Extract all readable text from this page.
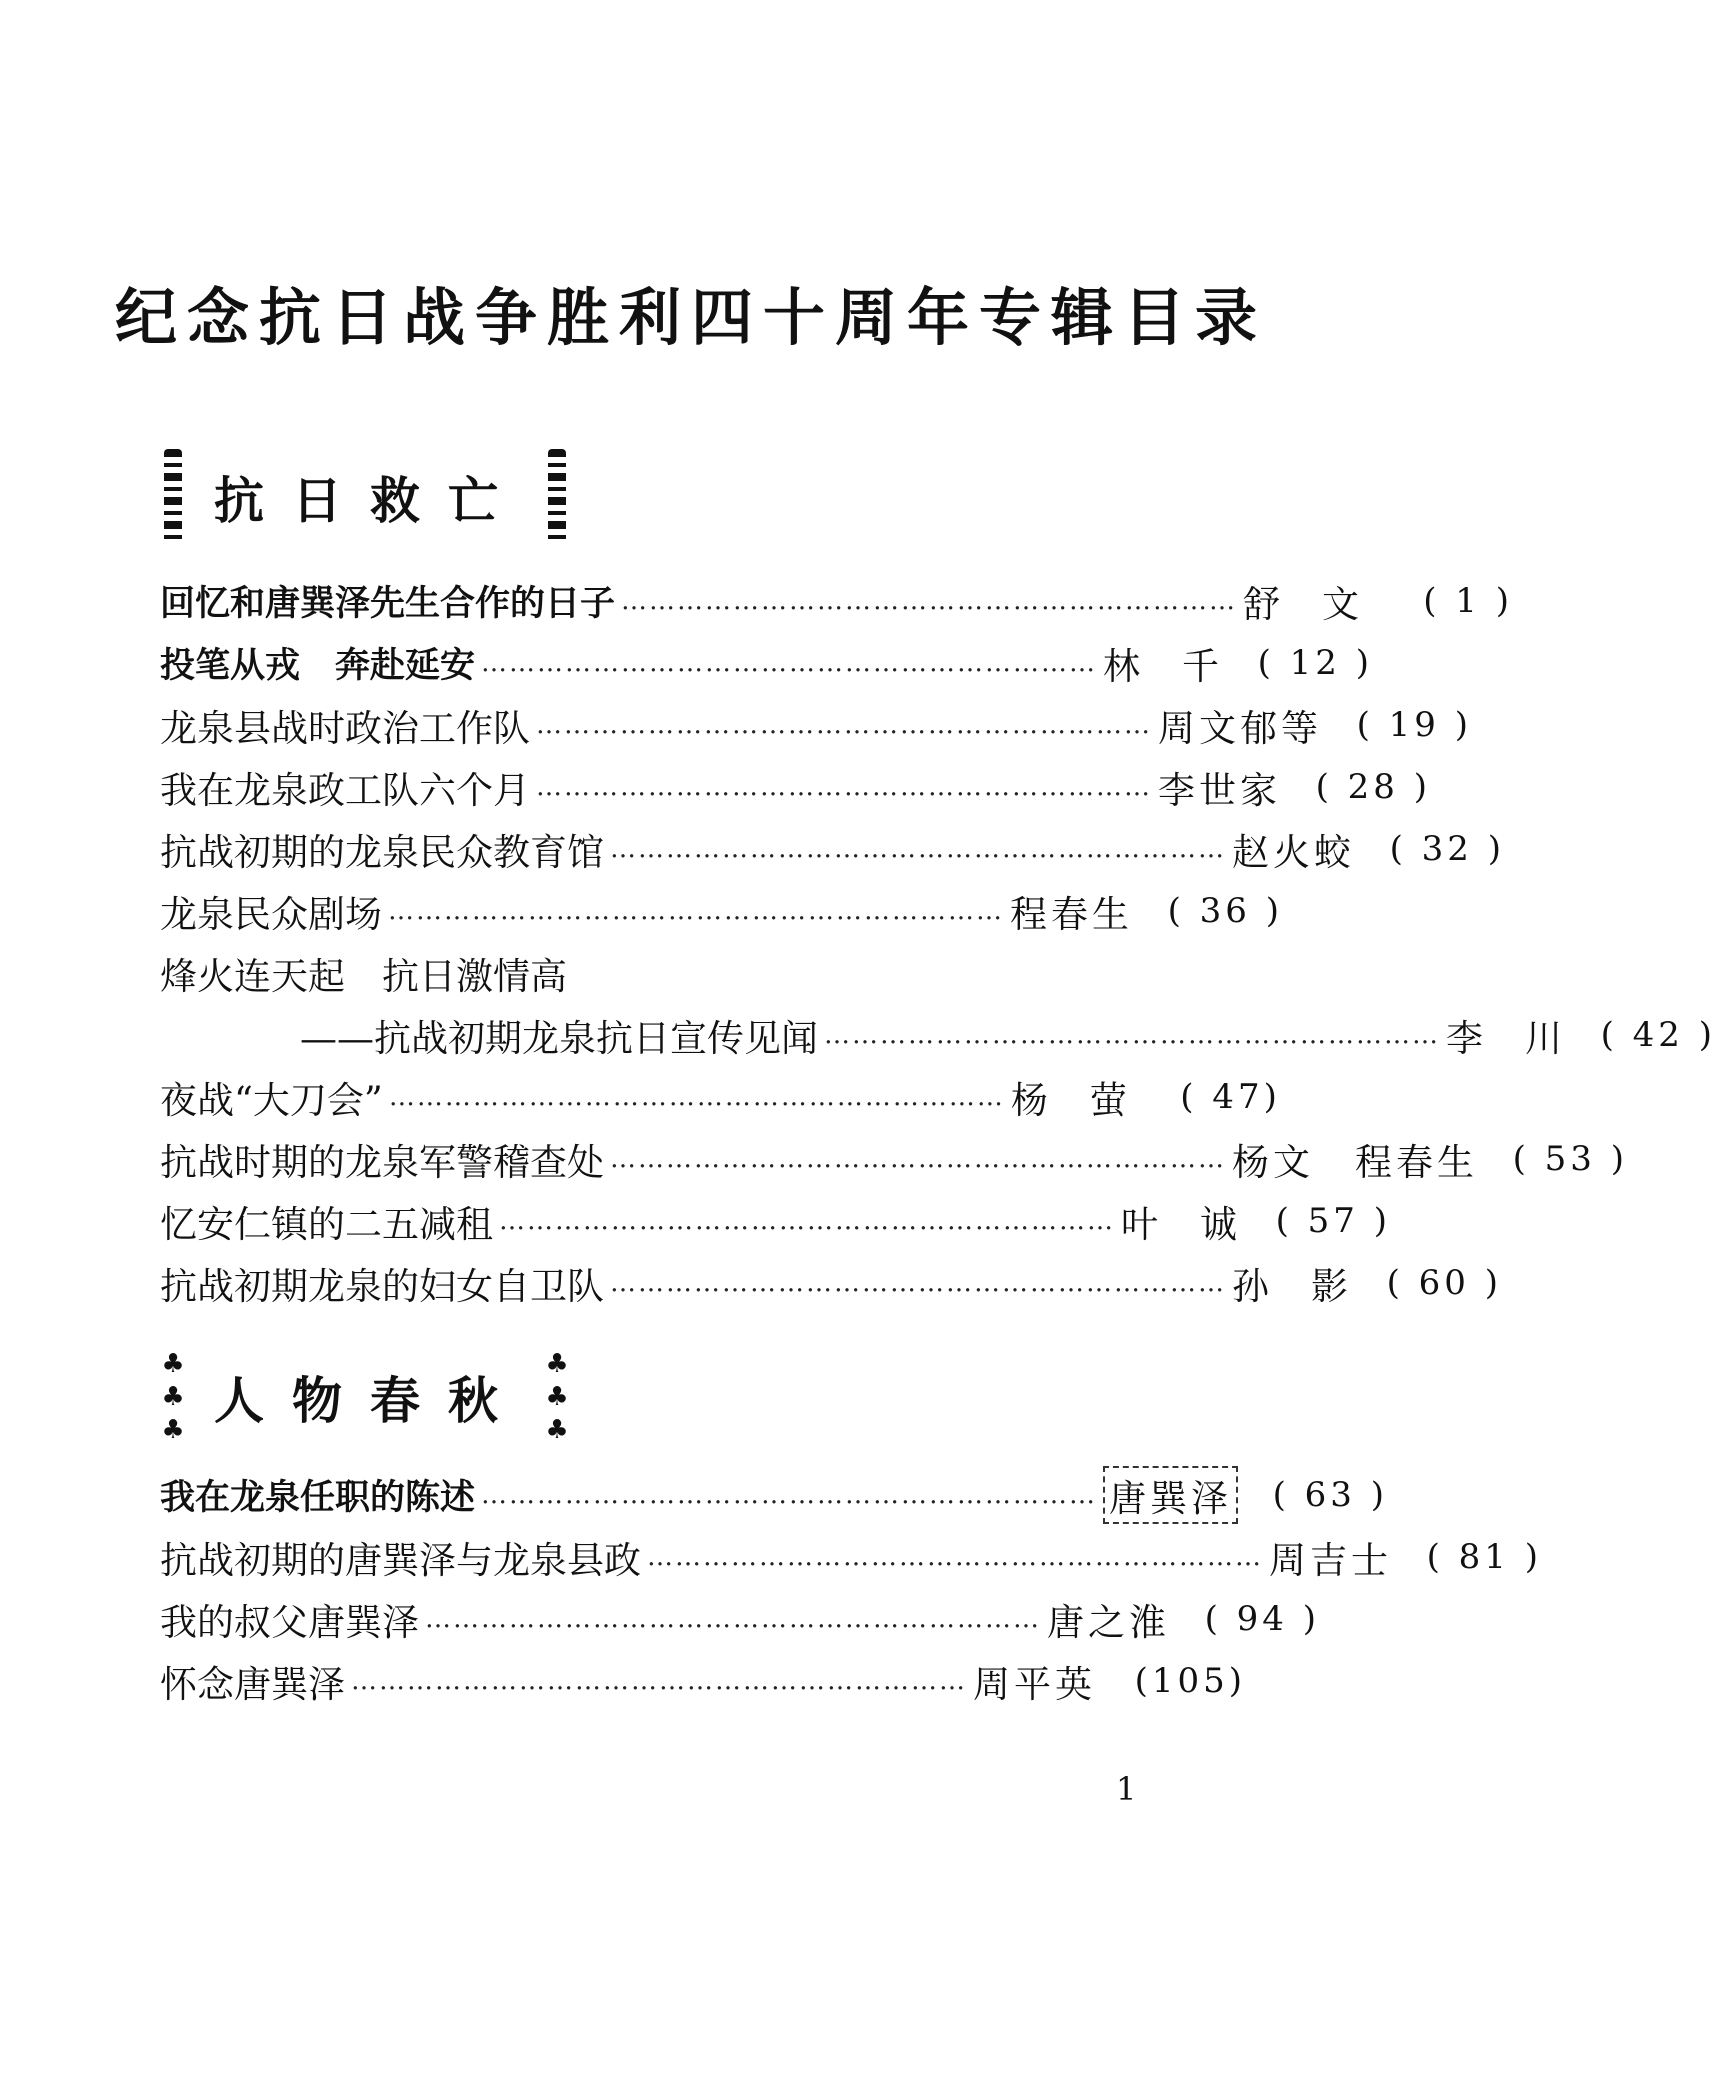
纪念抗日战争胜利四十周年专辑目录
抗日救亡
回忆和唐巽泽先生合作的日子 ………………………………………………………… 舒 文	( 1 )
投笔从戎　奔赴延安 ………………………………………………………… 林 千	( 12 )
龙泉县战时政治工作队 ………………………………………………………… 周文郁等	( 19 )
我在龙泉政工队六个月 ………………………………………………………… 李世家	( 28 )
抗战初期的龙泉民众教育馆 ………………………………………………………… 赵火蛟	( 32 )
龙泉民众剧场 ………………………………………………………… 程春生	( 36 )
烽火连天起　抗日激情高
——抗战初期龙泉抗日宣传见闻 ………………………………………………………… 李 川	( 42 )
夜战“大刀会” ………………………………………………………… 杨 萤	( 47)
抗战时期的龙泉军警稽查处 ………………………………………………………… 杨文　程春生	( 53 )
忆安仁镇的二五减租 ………………………………………………………… 叶 诚	( 57 )
抗战初期龙泉的妇女自卫队 ………………………………………………………… 孙 影	( 60 )
♣
♣
♣ 人物春秋
♣
♣
♣
我在龙泉任职的陈述 ………………………………………………………… 唐巽泽	( 63 )
抗战初期的唐巽泽与龙泉县政 ………………………………………………………… 周吉士	( 81 )
我的叔父唐巽泽 ………………………………………………………… 唐之淮	( 94 )
怀念唐巽泽 ………………………………………………………… 周平英	(105)
1
